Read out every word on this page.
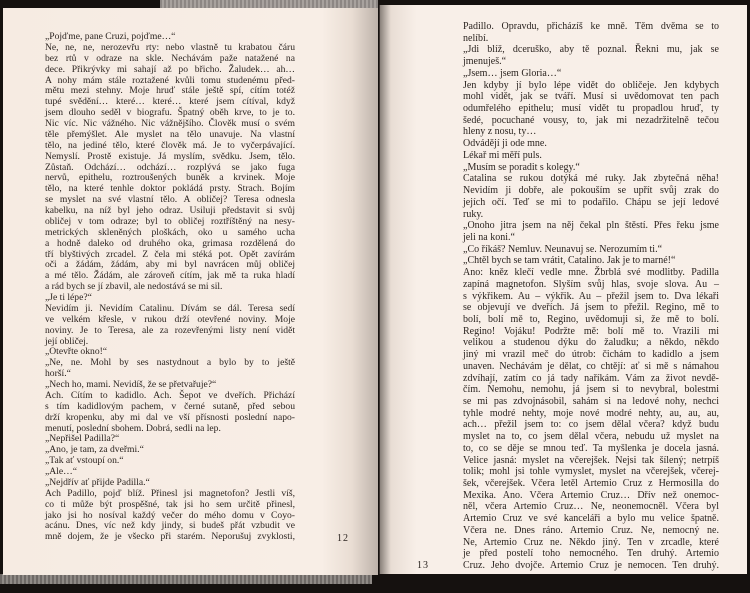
„Pojďme, pane Cruzi, pojďme…“
Ne, ne, ne, nerozevřu rty: nebo vlastně tu krabatou čáru
bez rtů v odraze na skle. Nechávám paže natažené na
dece. Přikrývky mi sahají až po břicho. Žaludek… ah…
A nohy mám stále roztažené kvůli tomu studenému před-
mětu mezi stehny. Moje hruď stále ještě spí, cítím totéž
tupé svědění… které… které… které jsem cítíval, když
jsem dlouho seděl v biografu. Špatný oběh krve, to je to.
Nic víc. Nic vážného. Nic vážnějšího. Člověk musí o svém
těle přemýšlet. Ale myslet na tělo unavuje. Na vlastní
tělo, na jediné tělo, které člověk má. Je to vyčerpávající.
Nemyslí. Prostě existuje. Já myslím, svědku. Jsem, tělo.
Zůstaň. Odchází… odchází… rozplývá se jako fuga
nervů, epithelu, roztroušených buněk a krvinek. Moje
tělo, na které tenhle doktor pokládá prsty. Strach. Bojím
se myslet na své vlastní tělo. A obličej? Teresa odnesla
kabelku, na níž byl jeho odraz. Usiluji představit si svůj
obličej v tom odraze; byl to obličej roztříštěný na nesy-
metrických skleněných ploškách, oko u samého ucha
a hodně daleko od druhého oka, grimasa rozdělená do
tří blyštivých zrcadel. Z čela mi stéká pot. Opět zavírám
oči a žádám, žádám, aby mi byl navrácen můj obličej
a mé tělo. Žádám, ale zároveň cítím, jak mě ta ruka hladí
a rád bych se jí zbavil, ale nedostává se mi sil.
„Je ti lépe?“
Nevidím ji. Nevidím Catalinu. Dívám se dál. Teresa sedí
ve velkém křesle, v rukou drží otevřené noviny. Moje
noviny. Je to Teresa, ale za rozevřenými listy není vidět
její obličej.
„Otevřte okno!“
„Ne, ne. Mohl by ses nastydnout a bylo by to ještě
horší.“
„Nech ho, mami. Nevidíš, že se přetvařuje?“
Ach. Cítím to kadidlo. Ach. Šepot ve dveřích. Přichází
s tím kadidlovým pachem, v černé sutaně, před sebou
drží kropenku, aby mi dal ve vší přísnosti poslední napo-
menutí, poslední sbohem. Dobrá, sedli na lep.
„Nepřišel Padilla?“
„Ano, je tam, za dveřmi.“
„Tak ať vstoupí on.“
„Ale…“
„Nejdřív ať přijde Padilla.“
Ach Padillo, pojď blíž. Přinesl jsi magnetofon? Jestli víš,
co ti může být prospěšné, tak jsi ho sem určitě přinesl,
jako jsi ho nosíval každý večer do mého domu v Coyo-
acánu. Dnes, víc než kdy jindy, si budeš přát vzbudit ve
mně dojem, že je všecko při starém. Neporušuj zvyklosti,	12
Padillo. Opravdu, přicházíš ke mně. Těm dvěma se to
nelíbí.
„Jdi blíž, dceruško, aby tě poznal. Řekni mu, jak se
jmenuješ.“
„Jsem… jsem Gloria…“
Jen kdyby jí bylo lépe vidět do obličeje. Jen kdybych
mohl vidět, jak se tváří. Musí si uvědomovat ten pach
odumřelého epithelu; musí vidět tu propadlou hruď, ty
šedé, pocuchané vousy, to, jak mi nezadržitelně tečou
hleny z nosu, ty…
Odvádějí ji ode mne.
Lékař mi měří puls.
„Musím se poradit s kolegy.“
Catalina se rukou dotýká mé ruky. Jak zbytečná něha!
Nevidím ji dobře, ale pokouším se upřít svůj zrak do
jejích očí. Teď se mi to podařilo. Chápu se její ledové
ruky.
„Onoho jitra jsem na něj čekal pln štěstí. Přes řeku jsme
jeli na koni.“
„Co říkáš? Nemluv. Neunavuj se. Nerozumím ti.“
„Chtěl bych se tam vrátit, Catalino. Jak je to marné!“
Ano: kněz klečí vedle mne. Žbrblá své modlitby. Padilla
zapíná magnetofon. Slyším svůj hlas, svoje slova. Au –
s výkřikem. Au – výkřik. Au – přežil jsem to. Dva lékaři
se objevují ve dveřích. Já jsem to přežil. Regino, mě to
bolí, bolí mě to, Regino, uvědomuji si, že mě to bolí.
Regino! Vojáku! Podržte mě: bolí mě to. Vrazili mi
velikou a studenou dýku do žaludku; a někdo, někdo
jiný mi vrazil meč do útrob: čichám to kadidlo a jsem
unaven. Nechávám je dělat, co chtějí: ať si mě s námahou
zdvíhají, zatím co já tady naříkám. Vám za život nevdě-
čím. Nemohu, nemohu, já jsem si to nevybral, bolestmi
se mi pas zdvojnásobil, sahám si na ledové nohy, nechci
tyhle modré nehty, moje nové modré nehty, au, au, au,
ach… přežil jsem to: co jsem dělal včera? když budu
myslet na to, co jsem dělal včera, nebudu už myslet na
to, co se děje se mnou teď. Ta myšlenka je docela jasná.
Velice jasná: myslet na včerejšek. Nejsi tak šílený; netrpíš
tolik; mohl jsi tohle vymyslet, myslet na včerejšek, včerej-
šek, včerejšek. Včera letěl Artemio Cruz z Hermosilla do
Mexika. Ano. Včera Artemio Cruz… Dřív než onemoc-
něl, včera Artemio Cruz… Ne, neonemocněl. Včera byl
Artemio Cruz ve své kanceláři a bylo mu velice špatně.
Včera ne. Dnes ráno. Artemio Cruz. Ne, nemocný ne.
Ne, Artemio Cruz ne. Někdo jiný. Ten v zrcadle, které
je před postelí toho nemocného. Ten druhý. Artemio
Cruz. Jeho dvojče. Artemio Cruz je nemocen. Ten druhý.
13
